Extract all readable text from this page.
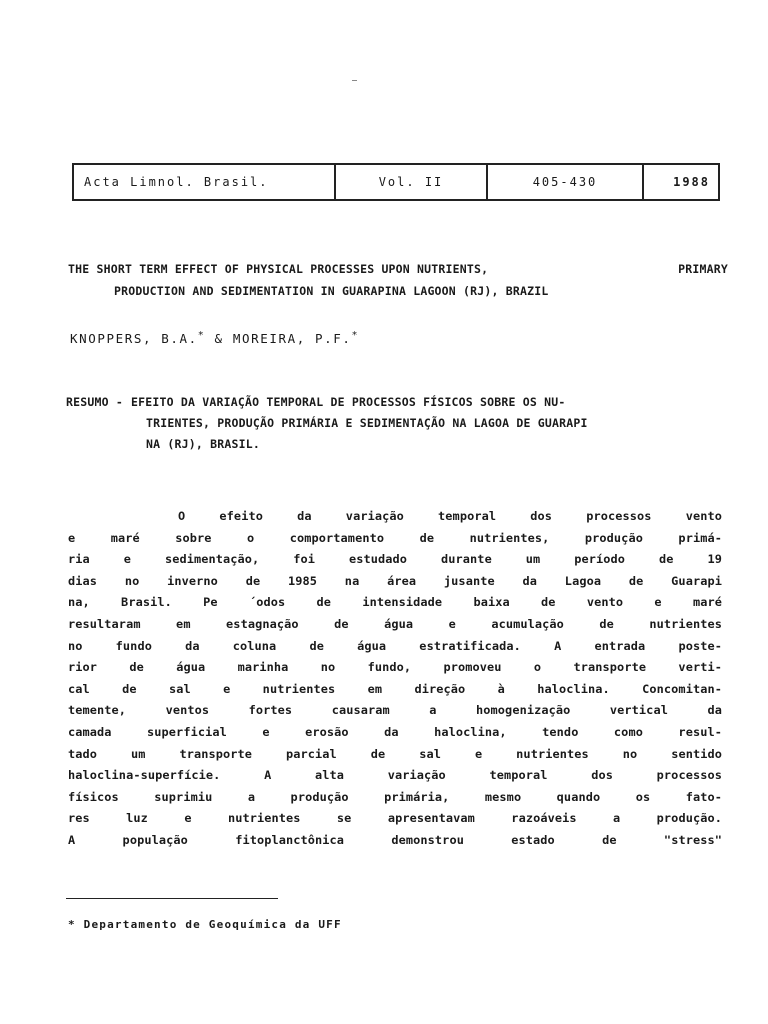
Acta Limnol. Brasil.	Vol. II	405-430	1988
THE SHORT TERM EFFECT OF PHYSICAL PROCESSES UPON NUTRIENTS,	PRIMARY
PRODUCTION AND SEDIMENTATION IN GUARAPINA LAGOON (RJ), BRAZIL
KNOPPERS, B.A.* & MOREIRA, P.F.*
RESUMO - EFEITO DA VARIAÇÃO TEMPORAL DE PROCESSOS FÍSICOS SOBRE OS NU-
TRIENTES, PRODUÇÃO PRIMÁRIA E SEDIMENTAÇÃO NA LAGOA DE GUARAPI
NA (RJ), BRASIL.
O efeito da variação temporal dos processos vento
e maré sobre o comportamento de nutrientes, produção primá-
ria e sedimentação, foi estudado durante um período de 19
dias no inverno de 1985 na área jusante da Lagoa de Guarapi
na, Brasil. Pe ´odos de intensidade baixa de vento e maré
resultaram em estagnação de água e acumulação de nutrientes
no fundo da coluna de água estratificada. A entrada poste-
rior de água marinha no fundo, promoveu o transporte verti-
cal de sal e nutrientes em direção à haloclina. Concomitan-
temente, ventos fortes causaram a homogenização vertical da
camada superficial e erosão da haloclina, tendo como resul-
tado um transporte parcial de sal e nutrientes no sentido
haloclina-superfície. A alta variação temporal dos processos
físicos suprimiu a produção primária, mesmo quando os fato-
res luz e nutrientes se apresentavam razoáveis a produção.
A população fitoplanctônica demonstrou estado de "stress"
* Departamento de Geoquímica da UFF
